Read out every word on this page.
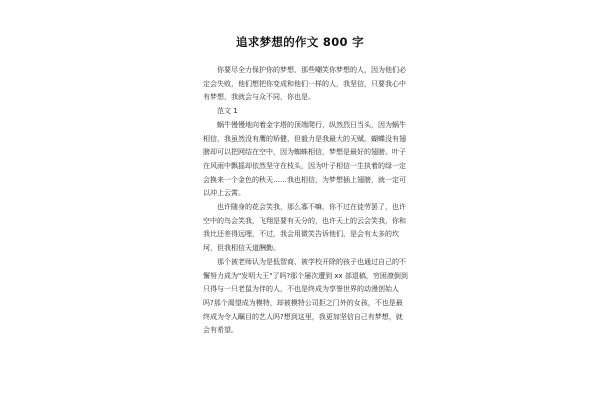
追求梦想的作文 800 字

你要尽全力保护你的梦想，那些嘲笑你梦想的人，因为他们必定会失败，他们想把你变成和他们一样的人，我坚信，只要我心中有梦想，我就会与众不同，你也是。

范文 1

蜗牛慢慢地向着金字塔的顶端爬行，纵然烈日当头，因为蜗牛相信，我虽然没有鹰的矫健，但毅力是我最大的天赋。蝴蝶没有翅膀却可以把网结在空中，因为蜘蛛相信，梦想是最好的翅膀。叶子在风雨中飘摇却依然坚守在枝头，因为叶子相信一生执着的绿一定会换来一个金色的秋天……我也相信，为梦想插上翅膀，就一定可以冲上云霄。

也许随身的花会笑我，那么寡不嘛，你不过在徒劳罢了，也许空中的鸟会笑我，飞翔是要有天分的，也许天上的云会笑我，你和我比还差得远哩，不过，我会用微笑告诉他们，是会有太多的坎坷，但我相信天道酬勤。

那个被老师认为是低智商、被学校开除的孩子也通过自己的不懈努力成为"发明大王"了吗?那个屡次遭到 xx 部退稿，穷困潦倒到只得与一只老鼠为伴的人，不也是终成为享誉世界的动漫创始人吗?那个渴望成为模特，却被模特公司拒之门外的女孩，不也是最终成为令人瞩目的艺人吗?想到这里，我更加坚信自己有梦想，就会有希望。
